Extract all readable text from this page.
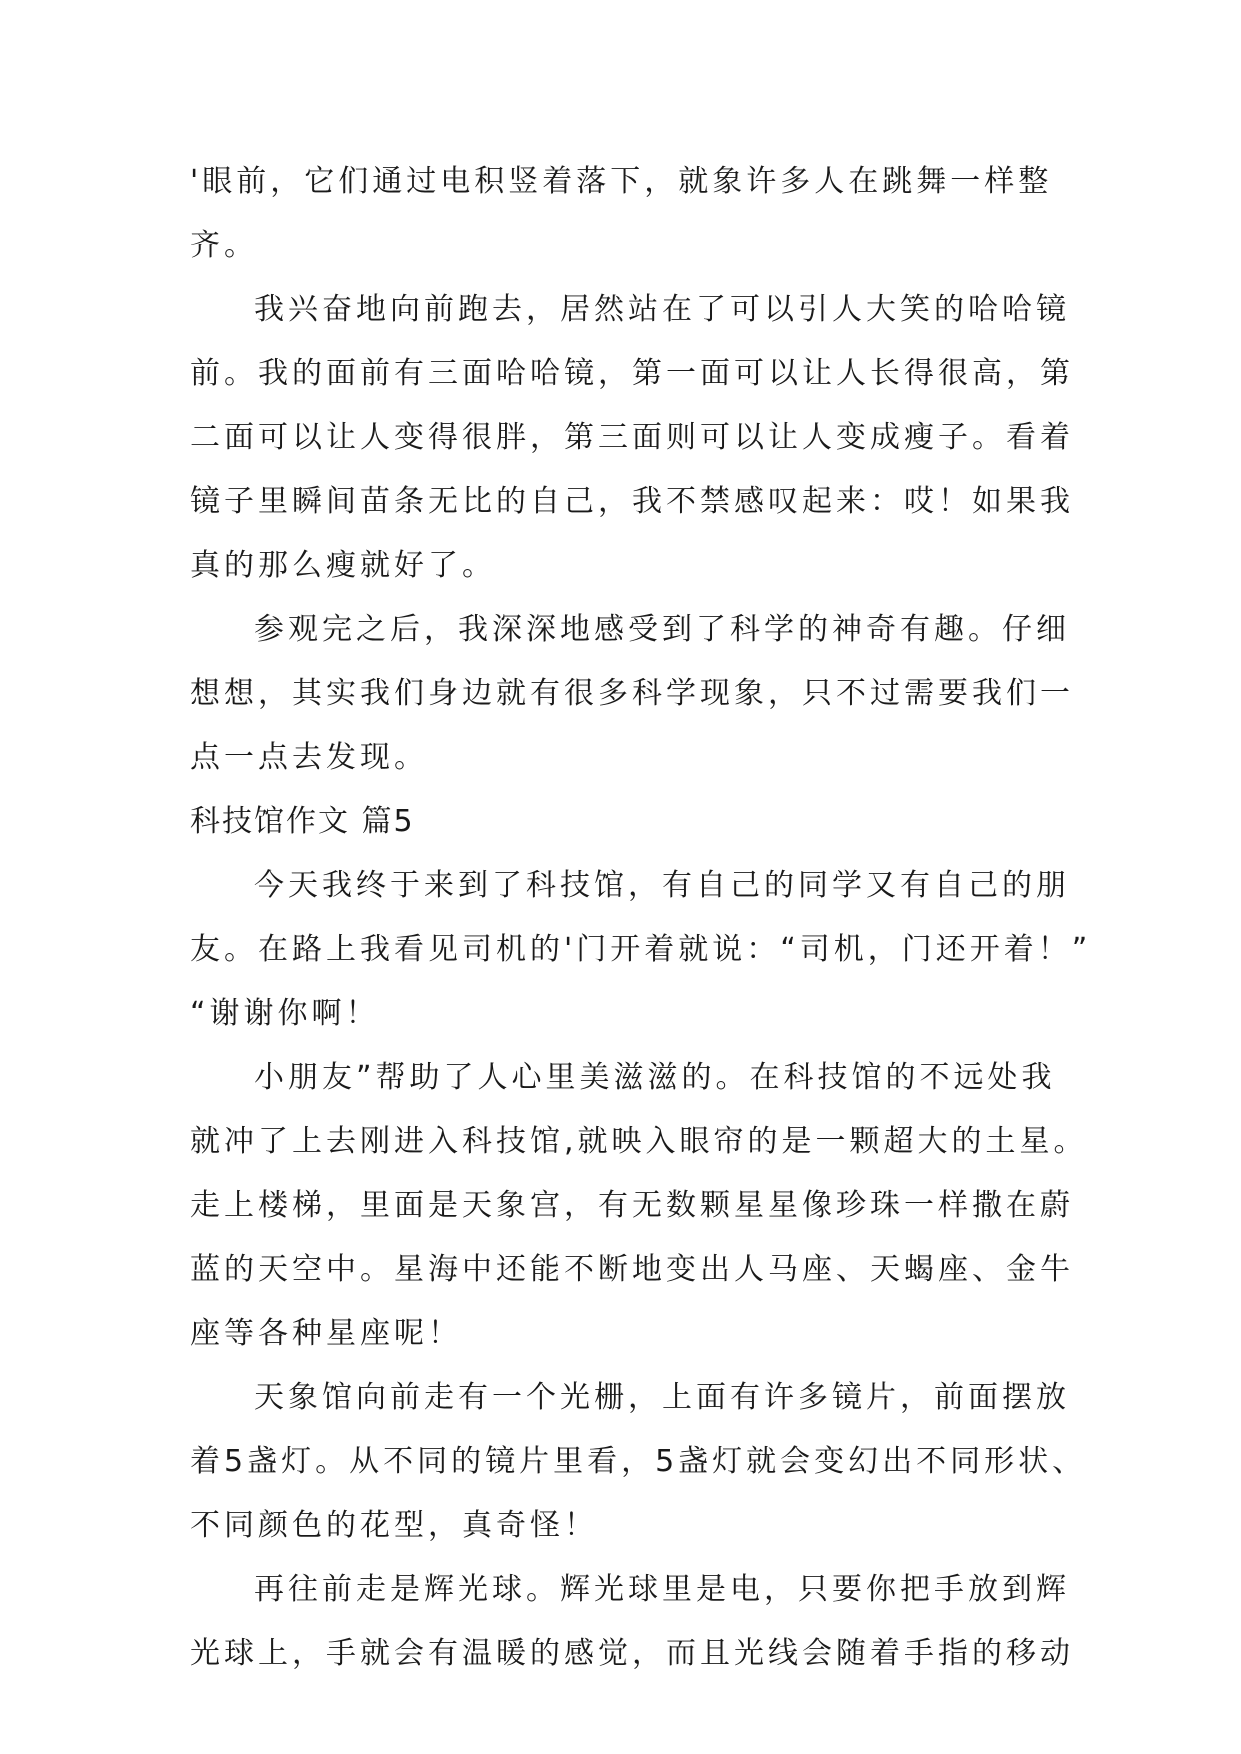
'眼前，它们通过电积竖着落下，就象许多人在跳舞一样整
齐。
我兴奋地向前跑去，居然站在了可以引人大笑的哈哈镜
前。我的面前有三面哈哈镜，第一面可以让人长得很高，第
二面可以让人变得很胖，第三面则可以让人变成瘦子。看着
镜子里瞬间苗条无比的自己，我不禁感叹起来：哎！如果我
真的那么瘦就好了。
参观完之后，我深深地感受到了科学的神奇有趣。仔细
想想，其实我们身边就有很多科学现象，只不过需要我们一
点一点去发现。
科技馆作文 篇5
今天我终于来到了科技馆，有自己的同学又有自己的朋
友。在路上我看见司机的'门开着就说：“司机，门还开着！”
“谢谢你啊！
小朋友”帮助了人心里美滋滋的。在科技馆的不远处我
就冲了上去刚进入科技馆,就映入眼帘的是一颗超大的土星。
走上楼梯，里面是天象宫，有无数颗星星像珍珠一样撒在蔚
蓝的天空中。星海中还能不断地变出人马座、天蝎座、金牛
座等各种星座呢！
天象馆向前走有一个光栅，上面有许多镜片，前面摆放
着5盏灯。从不同的镜片里看，5盏灯就会变幻出不同形状、
不同颜色的花型，真奇怪！
再往前走是辉光球。辉光球里是电，只要你把手放到辉
光球上，手就会有温暖的感觉，而且光线会随着手指的移动
